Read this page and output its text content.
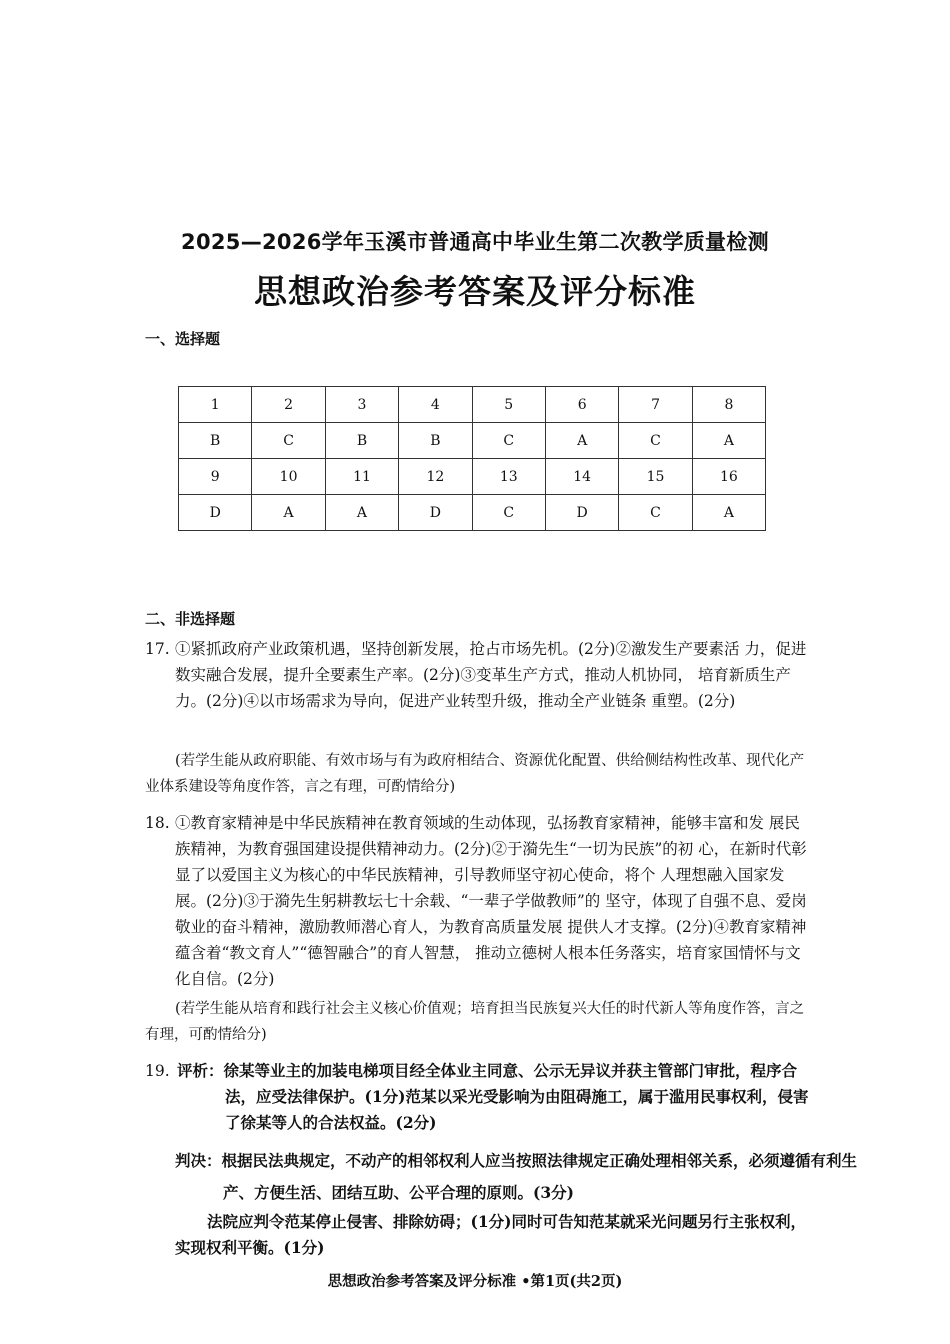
2025—2026学年玉溪市普通高中毕业生第二次教学质量检测
思想政治参考答案及评分标准
一、选择题
1	2	3	4	5	6	7	8
B	C	B	B	C	A	C	A
9	10	11	12	13	14	15	16
D	A	A	D	C	D	C	A
二、非选择题
17. ①紧抓政府产业政策机遇，坚持创新发展，抢占市场先机。(2分)②激发生产要素活 力，促进数实融合发展，提升全要素生产率。(2分)③变革生产方式，推动人机协同， 培育新质生产力。(2分)④以市场需求为导向，促进产业转型升级，推动全产业链条 重塑。(2分)
(若学生能从政府职能、有效市场与有为政府相结合、资源优化配置、供给侧结构性改革、现代化产业体系建设等角度作答，言之有理，可酌情给分)
18. ①教育家精神是中华民族精神在教育领域的生动体现，弘扬教育家精神，能够丰富和发 展民族精神，为教育强国建设提供精神动力。(2分)②于漪先生“一切为民族”的初 心，在新时代彰显了以爱国主义为核心的中华民族精神，引导教师坚守初心使命，将个 人理想融入国家发展。(2分)③于漪先生躬耕教坛七十余载、“一辈子学做教师”的 坚守，体现了自强不息、爱岗敬业的奋斗精神，激励教师潜心育人，为教育高质量发展 提供人才支撑。(2分)④教育家精神蕴含着“教文育人”“德智融合”的育人智慧， 推动立德树人根本任务落实，培育家国情怀与文化自信。(2分)
(若学生能从培育和践行社会主义核心价值观；培育担当民族复兴大任的时代新人等角度作答，言之有理，可酌情给分)
19. 评析：徐某等业主的加装电梯项目经全体业主同意、公示无异议并获主管部门审批，程序合法，应受法律保护。(1分)范某以采光受影响为由阻碍施工，属于滥用民事权利，侵害了徐某等人的合法权益。(2分)
判决：根据民法典规定，不动产的相邻权利人应当按照法律规定正确处理相邻关系，必须遵循有利生产、方便生活、团结互助、公平合理的原则。(3分)
法院应判令范某停止侵害、排除妨碍；(1分)同时可告知范某就采光问题另行主张权利，实现权利平衡。(1分)
思想政治参考答案及评分标准 •第1页(共2页)
